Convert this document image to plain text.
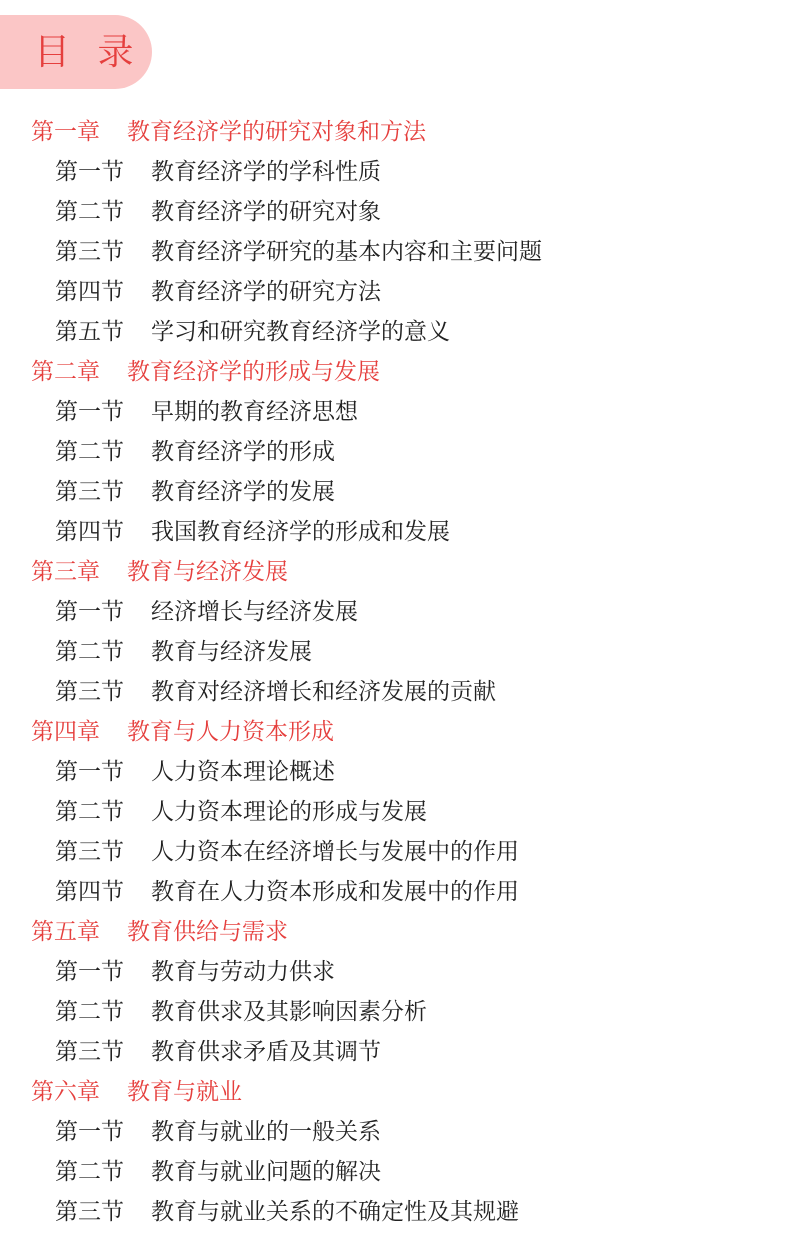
目 录
第一章 教育经济学的研究对象和方法
第一节 教育经济学的学科性质
第二节 教育经济学的研究对象
第三节 教育经济学研究的基本内容和主要问题
第四节 教育经济学的研究方法
第五节 学习和研究教育经济学的意义
第二章 教育经济学的形成与发展
第一节 早期的教育经济思想
第二节 教育经济学的形成
第三节 教育经济学的发展
第四节 我国教育经济学的形成和发展
第三章 教育与经济发展
第一节 经济增长与经济发展
第二节 教育与经济发展
第三节 教育对经济增长和经济发展的贡献
第四章 教育与人力资本形成
第一节 人力资本理论概述
第二节 人力资本理论的形成与发展
第三节 人力资本在经济增长与发展中的作用
第四节 教育在人力资本形成和发展中的作用
第五章 教育供给与需求
第一节 教育与劳动力供求
第二节 教育供求及其影响因素分析
第三节 教育供求矛盾及其调节
第六章 教育与就业
第一节 教育与就业的一般关系
第二节 教育与就业问题的解决
第三节 教育与就业关系的不确定性及其规避
